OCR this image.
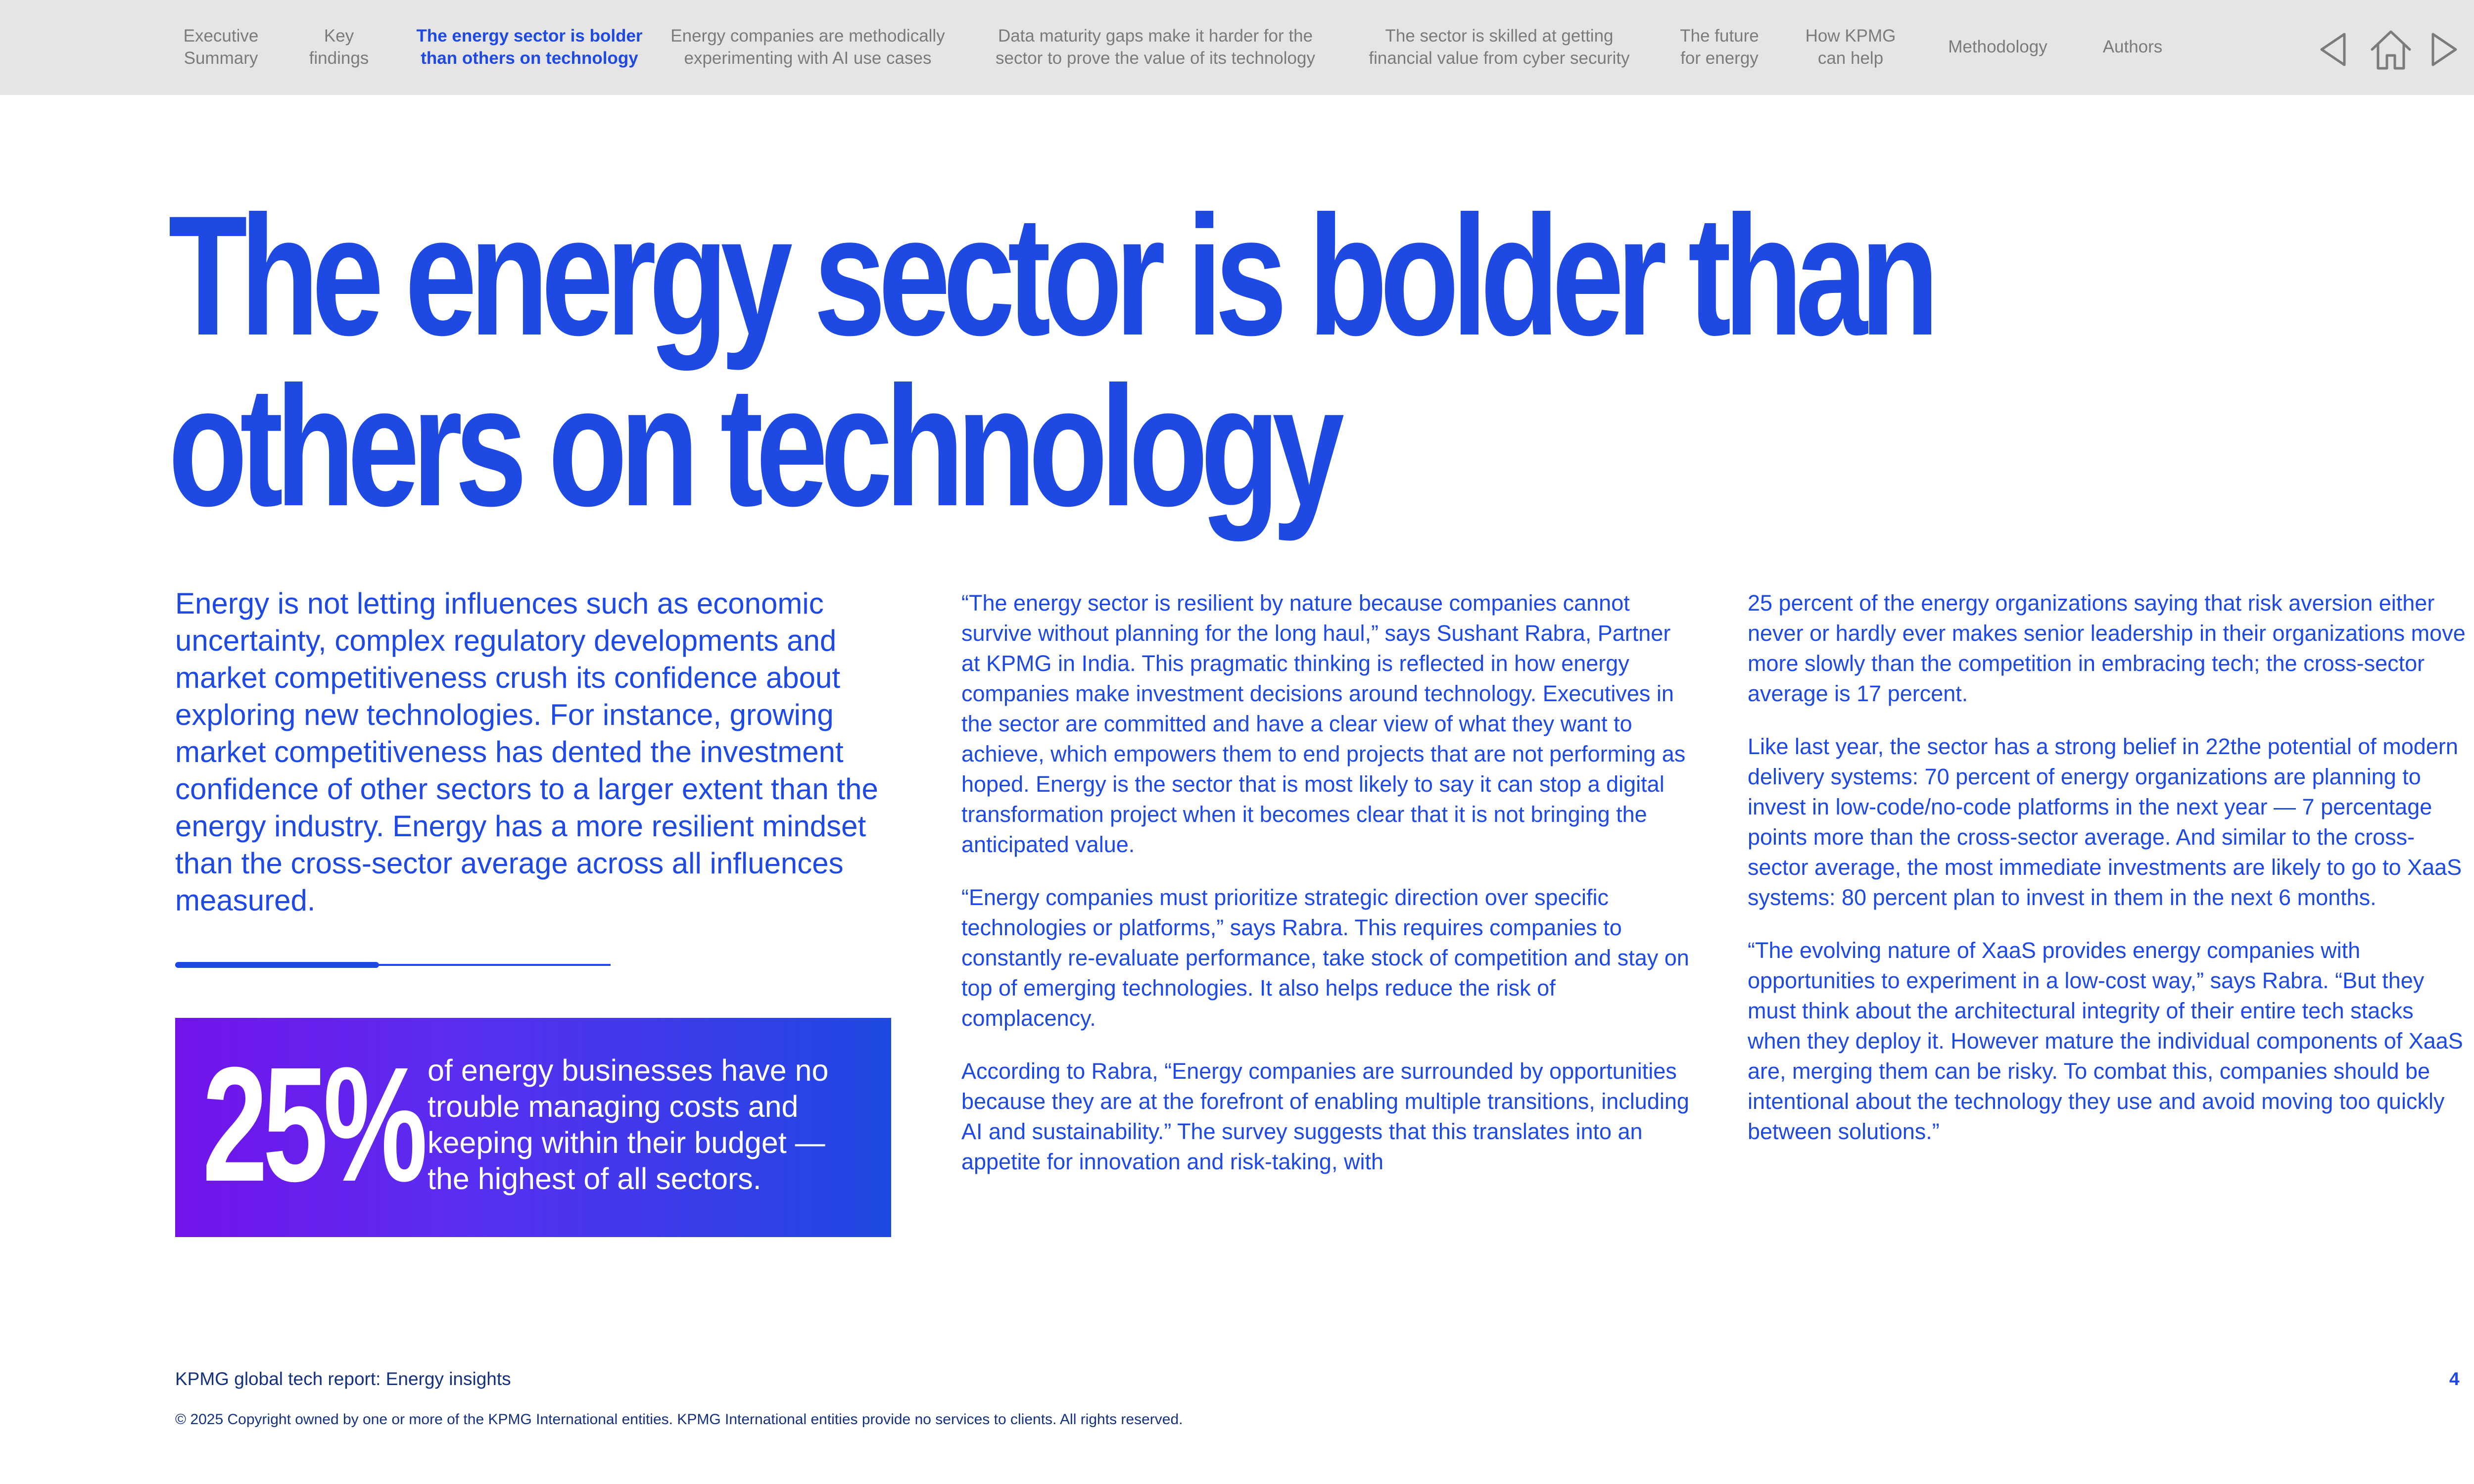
Executive
Summary
Key
findings
The energy sector is bolder
than others on technology
Energy companies are methodically
experimenting with AI use cases
Data maturity gaps make it harder for the
sector to prove the value of its technology
The sector is skilled at getting
financial value from cyber security
The future
for energy
How KPMG
can help
Methodology	Authors
The energy sector is bolder than
others on technology

Energy is not letting influences such as economic uncertainty, complex regulatory developments and market competitiveness crush its confidence about exploring new technologies. For instance, growing market competitiveness has dented the investment confidence of other sectors to a larger extent than the energy industry. Energy has a more resilient mindset than the cross-sector average across all influences measured.

25% of energy businesses have no trouble managing costs and keeping within their budget — the highest of all sectors.

“The energy sector is resilient by nature because companies cannot survive without planning for the long haul,” says Sushant Rabra, Partner at KPMG in India. This pragmatic thinking is reflected in how energy companies make investment decisions around technology. Executives in the sector are committed and have a clear view of what they want to achieve, which empowers them to end projects that are not performing as hoped. Energy is the sector that is most likely to say it can stop a digital transformation project when it becomes clear that it is not bringing the anticipated value.

“Energy companies must prioritize strategic direction over specific technologies or platforms,” says Rabra. This requires companies to constantly re-evaluate performance, take stock of competition and stay on top of emerging technologies. It also helps reduce the risk of complacency.

According to Rabra, “Energy companies are surrounded by opportunities because they are at the forefront of enabling multiple transitions, including AI and sustainability.” The survey suggests that this translates into an appetite for innovation and risk-taking, with

25 percent of the energy organizations saying that risk aversion either never or hardly ever makes senior leadership in their organizations move more slowly than the competition in embracing tech; the cross-sector average is 17 percent.

Like last year, the sector has a strong belief in 22the potential of modern delivery systems: 70 percent of energy organizations are planning to invest in low-code/no-code platforms in the next year — 7 percentage points more than the cross-sector average. And similar to the cross-sector average, the most immediate investments are likely to go to XaaS systems: 80 percent plan to invest in them in the next 6 months.

“The evolving nature of XaaS provides energy companies with opportunities to experiment in a low-cost way,” says Rabra. “But they must think about the architectural integrity of their entire tech stacks when they deploy it. However mature the individual components of XaaS are, merging them can be risky. To combat this, companies should be intentional about the technology they use and avoid moving too quickly between solutions.”

KPMG global tech report: Energy insights	4
© 2025 Copyright owned by one or more of the KPMG International entities. KPMG International entities provide no services to clients. All rights reserved.
